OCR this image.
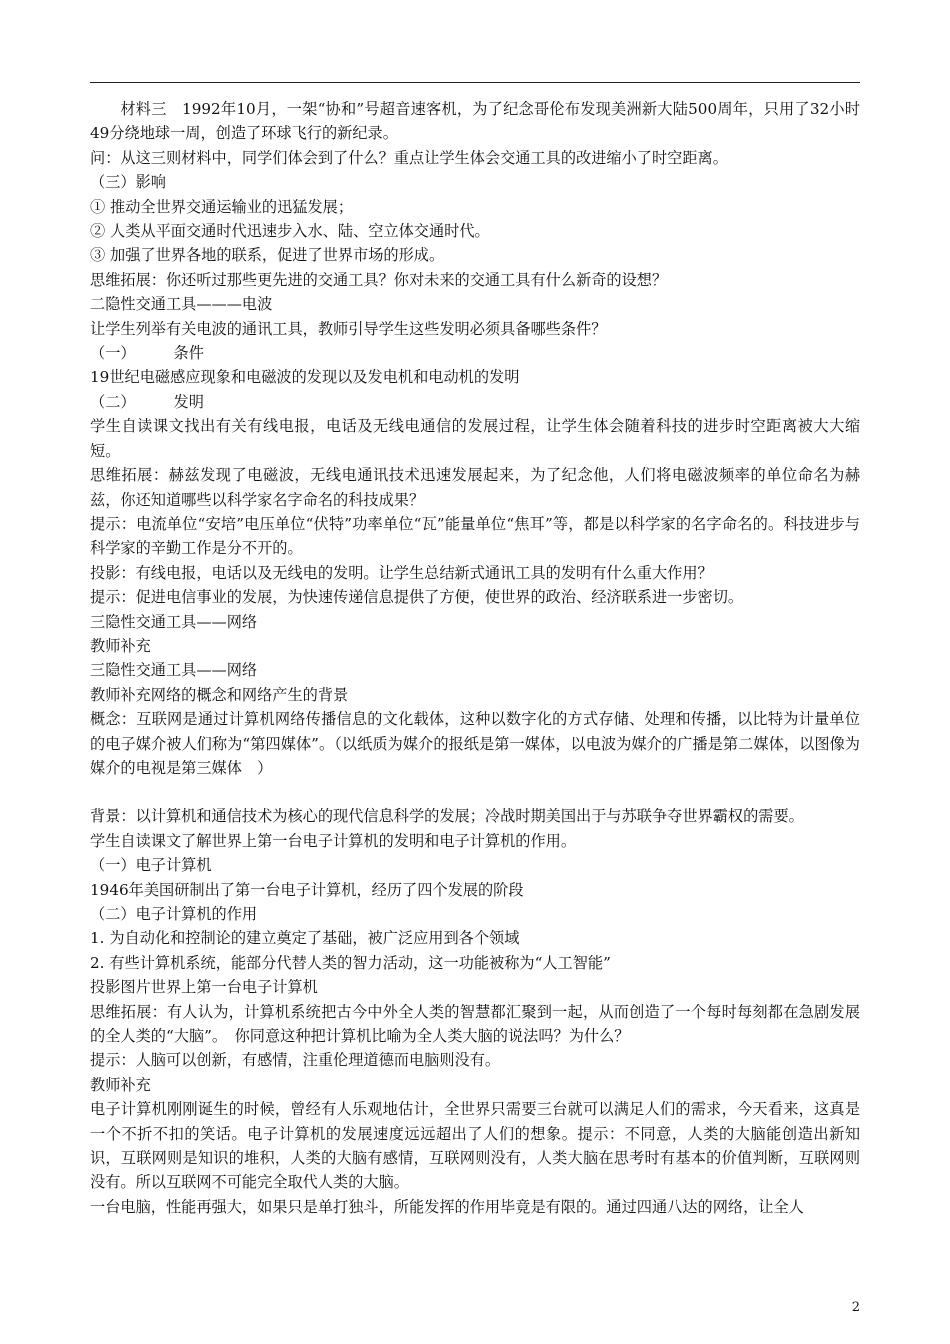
材料三　1992年10月，一架“协和”号超音速客机，为了纪念哥伦布发现美洲新大陆500周年，只用了32小时49分绕地球一周，创造了环球飞行的新纪录。

问：从这三则材料中，同学们体会到了什么？重点让学生体会交通工具的改进缩小了时空距离。

（三）影响

① 推动全世界交通运输业的迅猛发展；

② 人类从平面交通时代迅速步入水、陆、空立体交通时代。

③ 加强了世界各地的联系，促进了世界市场的形成。

思维拓展：你还听过那些更先进的交通工具？你对未来的交通工具有什么新奇的设想？

二隐性交通工具———电波

让学生列举有关电波的通讯工具，教师引导学生这些发明必须具备哪些条件？

（一）　　　条件

19世纪电磁感应现象和电磁波的发现以及发电机和电动机的发明

（二）　　　发明

学生自读课文找出有关有线电报，电话及无线电通信的发展过程，让学生体会随着科技的进步时空距离被大大缩短。

思维拓展：赫兹发现了电磁波，无线电通讯技术迅速发展起来，为了纪念他，人们将电磁波频率的单位命名为赫兹，你还知道哪些以科学家名字命名的科技成果？

提示：电流单位“安培”电压单位“伏特”功率单位“瓦”能量单位“焦耳”等，都是以科学家的名字命名的。科技进步与科学家的辛勤工作是分不开的。

投影：有线电报，电话以及无线电的发明。让学生总结新式通讯工具的发明有什么重大作用？

提示：促进电信事业的发展，为快速传递信息提供了方便，使世界的政治、经济联系进一步密切。

三隐性交通工具——网络

教师补充

三隐性交通工具——网络

教师补充网络的概念和网络产生的背景

概念：互联网是通过计算机网络传播信息的文化载体，这种以数字化的方式存储、处理和传播，以比特为计量单位的电子媒介被人们称为“第四媒体”。（以纸质为媒介的报纸是第一媒体，以电波为媒介的广播是第二媒体，以图像为媒介的电视是第三媒体　）

背景：以计算机和通信技术为核心的现代信息科学的发展；冷战时期美国出于与苏联争夺世界霸权的需要。

学生自读课文了解世界上第一台电子计算机的发明和电子计算机的作用。

（一）电子计算机

1946年美国研制出了第一台电子计算机，经历了四个发展的阶段

（二）电子计算机的作用

1. 为自动化和控制论的建立奠定了基础，被广泛应用到各个领域

2. 有些计算机系统，能部分代替人类的智力活动，这一功能被称为“人工智能”

投影图片世界上第一台电子计算机

思维拓展：有人认为，计算机系统把古今中外全人类的智慧都汇聚到一起，从而创造了一个每时每刻都在急剧发展的全人类的“大脑”。　你同意这种把计算机比喻为全人类大脑的说法吗？为什么？

提示：人脑可以创新，有感情，注重伦理道德而电脑则没有。

教师补充

电子计算机刚刚诞生的时候，曾经有人乐观地估计，全世界只需要三台就可以满足人们的需求，今天看来，这真是一个不折不扣的笑话。电子计算机的发展速度远远超出了人们的想象。提示：不同意，人类的大脑能创造出新知识，互联网则是知识的堆积，人类的大脑有感情，互联网则没有，人类大脑在思考时有基本的价值判断，互联网则没有。所以互联网不可能完全取代人类的大脑。

一台电脑，性能再强大，如果只是单打独斗，所能发挥的作用毕竟是有限的。通过四通八达的网络，让全人

2
